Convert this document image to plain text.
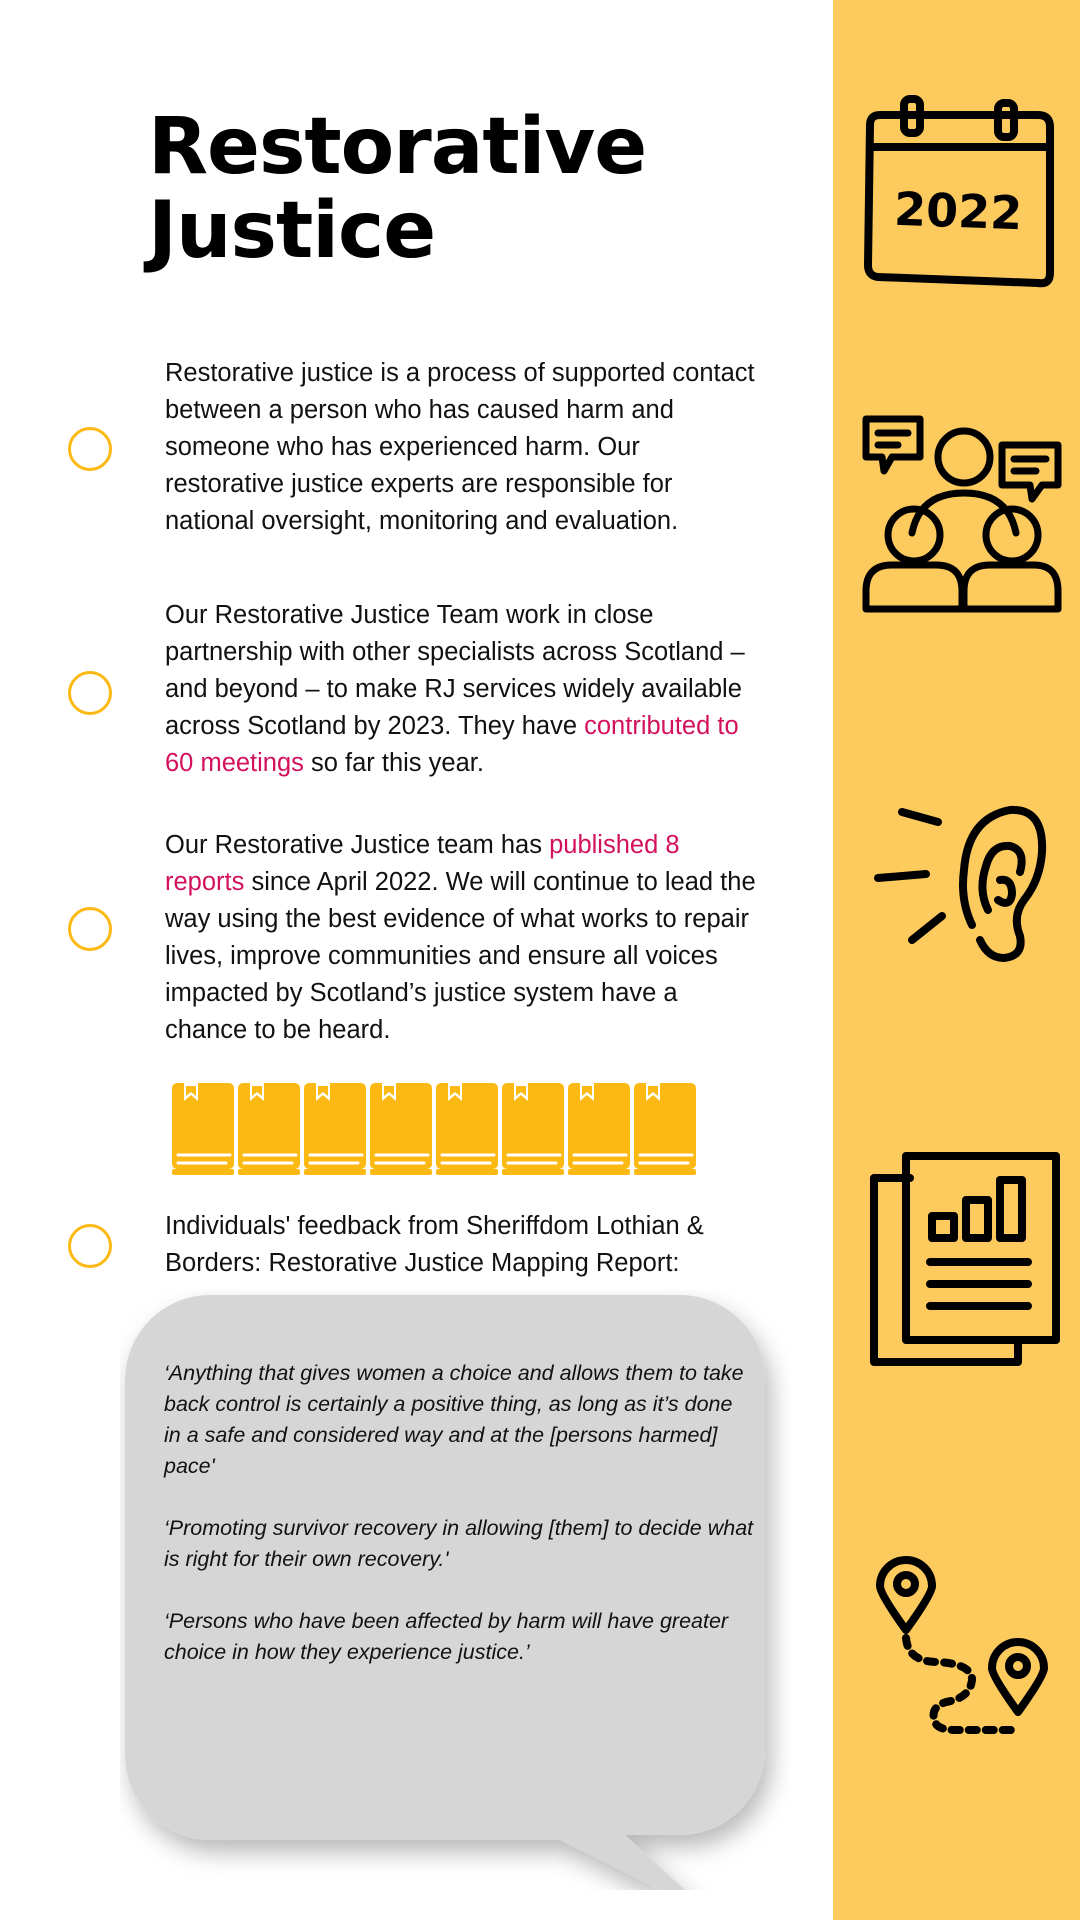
Restorative
Justice

Restorative justice is a process of supported contact between a person who has caused harm and someone who has experienced harm. Our restorative justice experts are responsible for national oversight, monitoring and evaluation.

Our Restorative Justice Team work in close partnership with other specialists across Scotland – and beyond – to make RJ services widely available across Scotland by 2023. They have contributed to 60 meetings so far this year.

Our Restorative Justice team has published 8 reports since April 2022. We will continue to lead the way using the best evidence of what works to repair lives, improve communities and ensure all voices impacted by Scotland’s justice system have a chance to be heard.

Individuals' feedback from Sheriffdom Lothian & Borders: Restorative Justice Mapping Report:

‘Anything that gives women a choice and allows them to take back control is certainly a positive thing, as long as it’s done in a safe and considered way and at the [persons harmed] pace'

‘Promoting survivor recovery in allowing [them] to decide what is right for their own recovery.'

‘Persons who have been affected by harm will have greater choice in how they experience justice.’

2022
